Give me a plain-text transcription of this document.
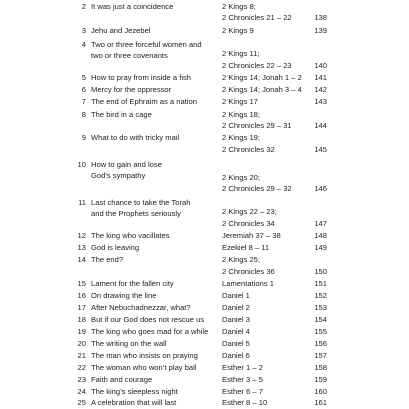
2 It was just a coincidence	2 Kings 8;
2 Chronicles 21 – 22	138
3 Jehu and Jezebel	2 Kings 9	139
4 Two or three forceful women and
two or three covenants	2 Kings 11;
2 Chronicles 22 – 23	140
5 How to pray from inside a fish	2 Kings 14; Jonah 1 – 2	141
6 Mercy for the oppressor	2 Kings 14; Jonah 3 – 4	142
7 The end of Ephraim as a nation	2 Kings 17	143
8 The bird in a cage	2 Kings 18;
2 Chronicles 29 – 31	144
9 What to do with tricky mail	2 Kings 19;
2 Chronicles 32	145
10 How to gain and lose
God’s sympathy	2 Kings 20;
2 Chronicles 29 – 32	146
11 Last chance to take the Torah
and the Prophets seriously	2 Kings 22 – 23;
2 Chronicles 34	147
12 The king who vacillates	Jeremiah 37 – 38	148
13 God is leaving	Ezekiel 8 – 11	149
14 The end?	2 Kings 25;
2 Chronicles 36	150
15 Lament for the fallen city	Lamentations 1	151
16 On drawing the line	Daniel 1	152
17 After Nebuchadnezzar, what?	Daniel 2	153
18 But if our God does not rescue us Daniel 3	154
19 The king who goes mad for a while Daniel 4	155
20 The writing on the wall	Daniel 5	156
21 The man who insists on praying	Daniel 6	157
22 The woman who won’t play ball	Esther 1 – 2	158
23 Faith and courage	Esther 3 – 5	159
24 The king’s sleepless night	Esther 6 – 7	160
25 A celebration that will last	Esther 8 – 10	161
